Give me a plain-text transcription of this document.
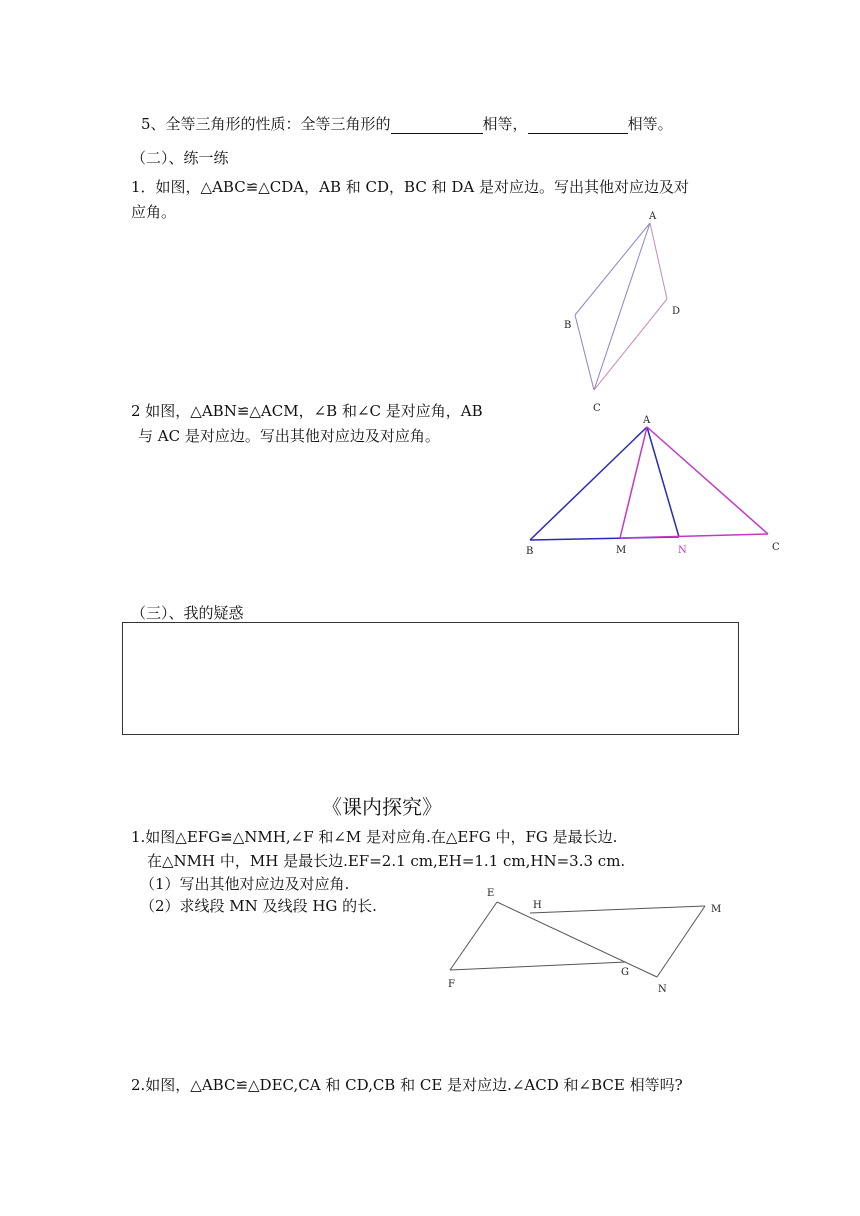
5、全等三角形的性质：全等三角形的	相等，	相等。
（二）、练一练
1．如图，△ABC≌△CDA，AB 和 CD，BC 和 DA 是对应边。写出其他对应边及对
应角。
2 如图，△ABN≌△ACM，∠B 和∠C 是对应角，AB
与 AC 是对应边。写出其他对应边及对应角。
（三）、我的疑惑
《课内探究》
1.如图△EFG≌△NMH,∠F 和∠M 是对应角.在△EFG 中，FG 是最长边.
在△NMH 中，MH 是最长边.EF=2.1 cm,EH=1.1 cm,HN=3.3 cm.
（1）写出其他对应边及对应角.
（2）求线段 MN 及线段 HG 的长.
2.如图，△ABC≌△DEC,CA 和 CD,CB 和 CE 是对应边.∠ACD 和∠BCE 相等吗?
A
B
C
D
A
B	M	N	C
E
H	M
F
G
N
